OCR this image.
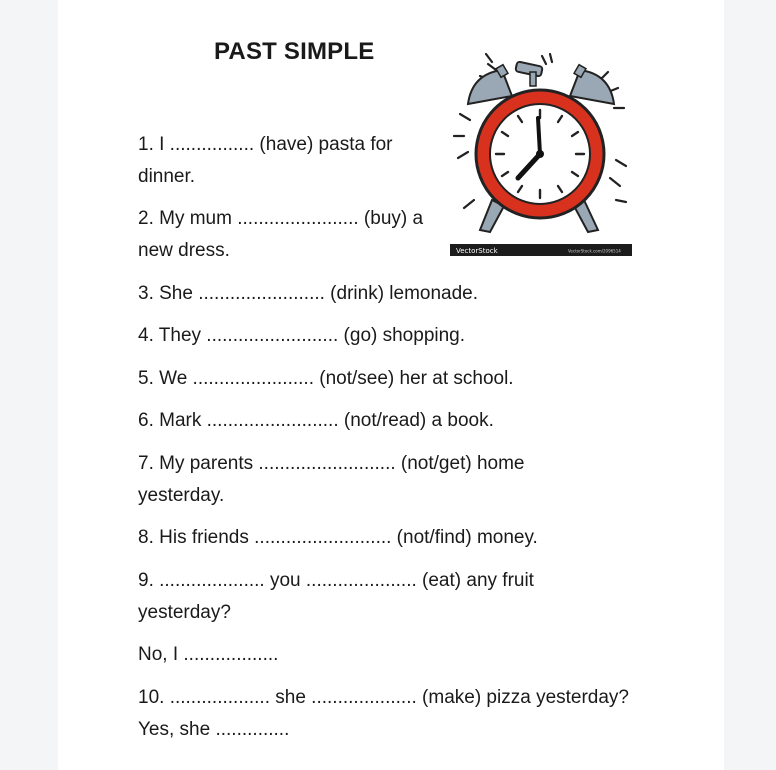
PAST SIMPLE
VectorStock	VectorStock.com/2096514
1. I ................ (have) pasta for
dinner.
2. My mum ....................... (buy) a
new dress.
3. She ........................ (drink) lemonade.
4. They ......................... (go) shopping.
5. We ....................... (not/see) her at school.
6. Mark ......................... (not/read) a book.
7. My parents .......................... (not/get) home
yesterday.
8. His friends .......................... (not/find) money.
9. .................... you ..................... (eat) any fruit
yesterday?
No, I ..................
10. ................... she .................... (make) pizza yesterday?
Yes, she ..............
